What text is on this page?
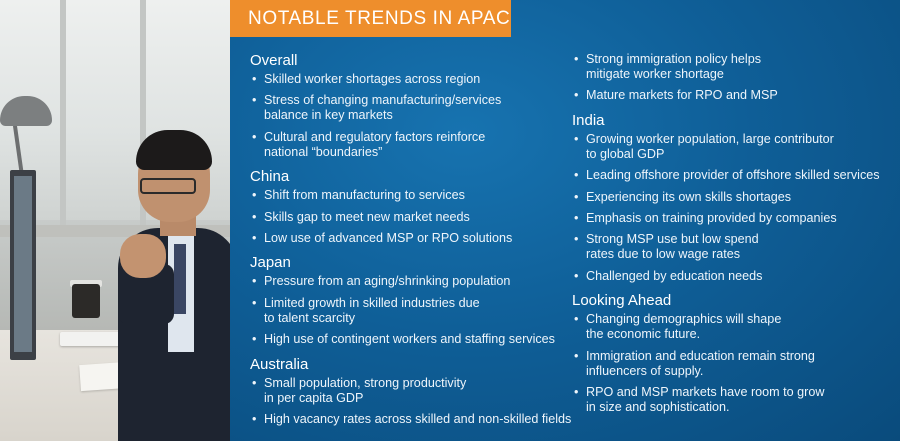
NOTABLE TRENDS IN APAC
Overall
• Skilled worker shortages across region
• Stress of changing manufacturing/services
balance in key markets
• Cultural and regulatory factors reinforce
national “boundaries”
China
• Shift from manufacturing to services
• Skills gap to meet new market needs
• Low use of advanced MSP or RPO solutions
Japan
• Pressure from an aging/shrinking population
• Limited growth in skilled industries due
to talent scarcity
• High use of contingent workers and staffing services
Australia
• Small population, strong productivity
in per capita GDP
• High vacancy rates across skilled and non-skilled fields
• Strong immigration policy helps
mitigate worker shortage
• Mature markets for RPO and MSP
India
• Growing worker population, large contributor
to global GDP
• Leading offshore provider of offshore skilled services
• Experiencing its own skills shortages
• Emphasis on training provided by companies
• Strong MSP use but low spend
rates due to low wage rates
• Challenged by education needs
Looking Ahead
• Changing demographics will shape
the economic future.
• Immigration and education remain strong
influencers of supply.
• RPO and MSP markets have room to grow
in size and sophistication.
